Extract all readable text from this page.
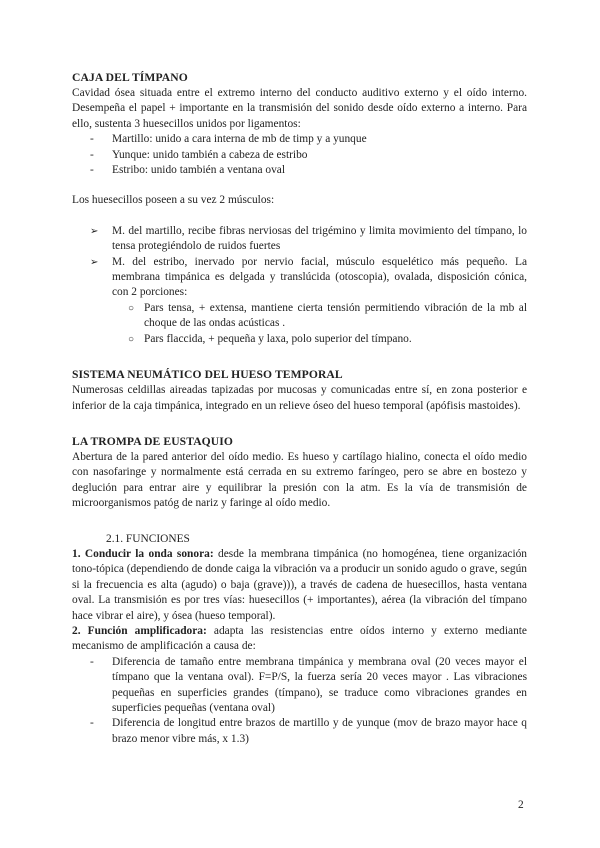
CAJA DEL TÍMPANO

Cavidad ósea situada entre el extremo interno del conducto auditivo externo y el oído interno. Desempeña el papel + importante en la transmisión del sonido desde oído externo a interno. Para ello, sustenta 3 huesecillos unidos por ligamentos:

- Martillo: unido a cara interna de mb de timp y a yunque
- Yunque: unido también a cabeza de estribo
- Estribo: unido también a ventana oval

Los huesecillos poseen a su vez 2 músculos:

➢ M. del martillo, recibe fibras nerviosas del trigémino y limita movimiento del tímpano, lo tensa protegiéndolo de ruidos fuertes
➢ M. del estribo, inervado por nervio facial, músculo esquelético más pequeño. La membrana timpánica es delgada y translúcida (otoscopia), ovalada, disposición cónica, con 2 porciones:
○ Pars tensa, + extensa, mantiene cierta tensión permitiendo vibración de la mb al choque de las ondas acústicas .
○ Pars flaccida, + pequeña y laxa, polo superior del tímpano.
SISTEMA NEUMÁTICO DEL HUESO TEMPORAL

Numerosas celdillas aireadas tapizadas por mucosas y comunicadas entre sí, en zona posterior e inferior de la caja timpánica, integrado en un relieve óseo del hueso temporal (apófisis mastoides).

LA TROMPA DE EUSTAQUIO

Abertura de la pared anterior del oído medio. Es hueso y cartílago hialino, conecta el oído medio con nasofaringe y normalmente está cerrada en su extremo faríngeo, pero se abre en bostezo y deglución para entrar aire y equilibrar la presión con la atm. Es la vía de transmisión de microorganismos patóg de nariz y faringe al oído medio.

2.1. FUNCIONES

1. Conducir la onda sonora: desde la membrana timpánica (no homogénea, tiene organización tono-tópica (dependiendo de donde caiga la vibración va a producir un sonido agudo o grave, según si la frecuencia es alta (agudo) o baja (grave))), a través de cadena de huesecillos, hasta ventana oval. La transmisión es por tres vías: huesecillos (+ importantes), aérea (la vibración del tímpano hace vibrar el aire), y ósea (hueso temporal).

2. Función amplificadora: adapta las resistencias entre oídos interno y externo mediante mecanismo de amplificación a causa de:

- Diferencia de tamaño entre membrana timpánica y membrana oval (20 veces mayor el tímpano que la ventana oval). F=P/S, la fuerza sería 20 veces mayor . Las vibraciones pequeñas en superficies grandes (tímpano), se traduce como vibraciones grandes en superficies pequeñas (ventana oval)
- Diferencia de longitud entre brazos de martillo y de yunque (mov de brazo mayor hace q brazo menor vibre más, x 1.3)
2
